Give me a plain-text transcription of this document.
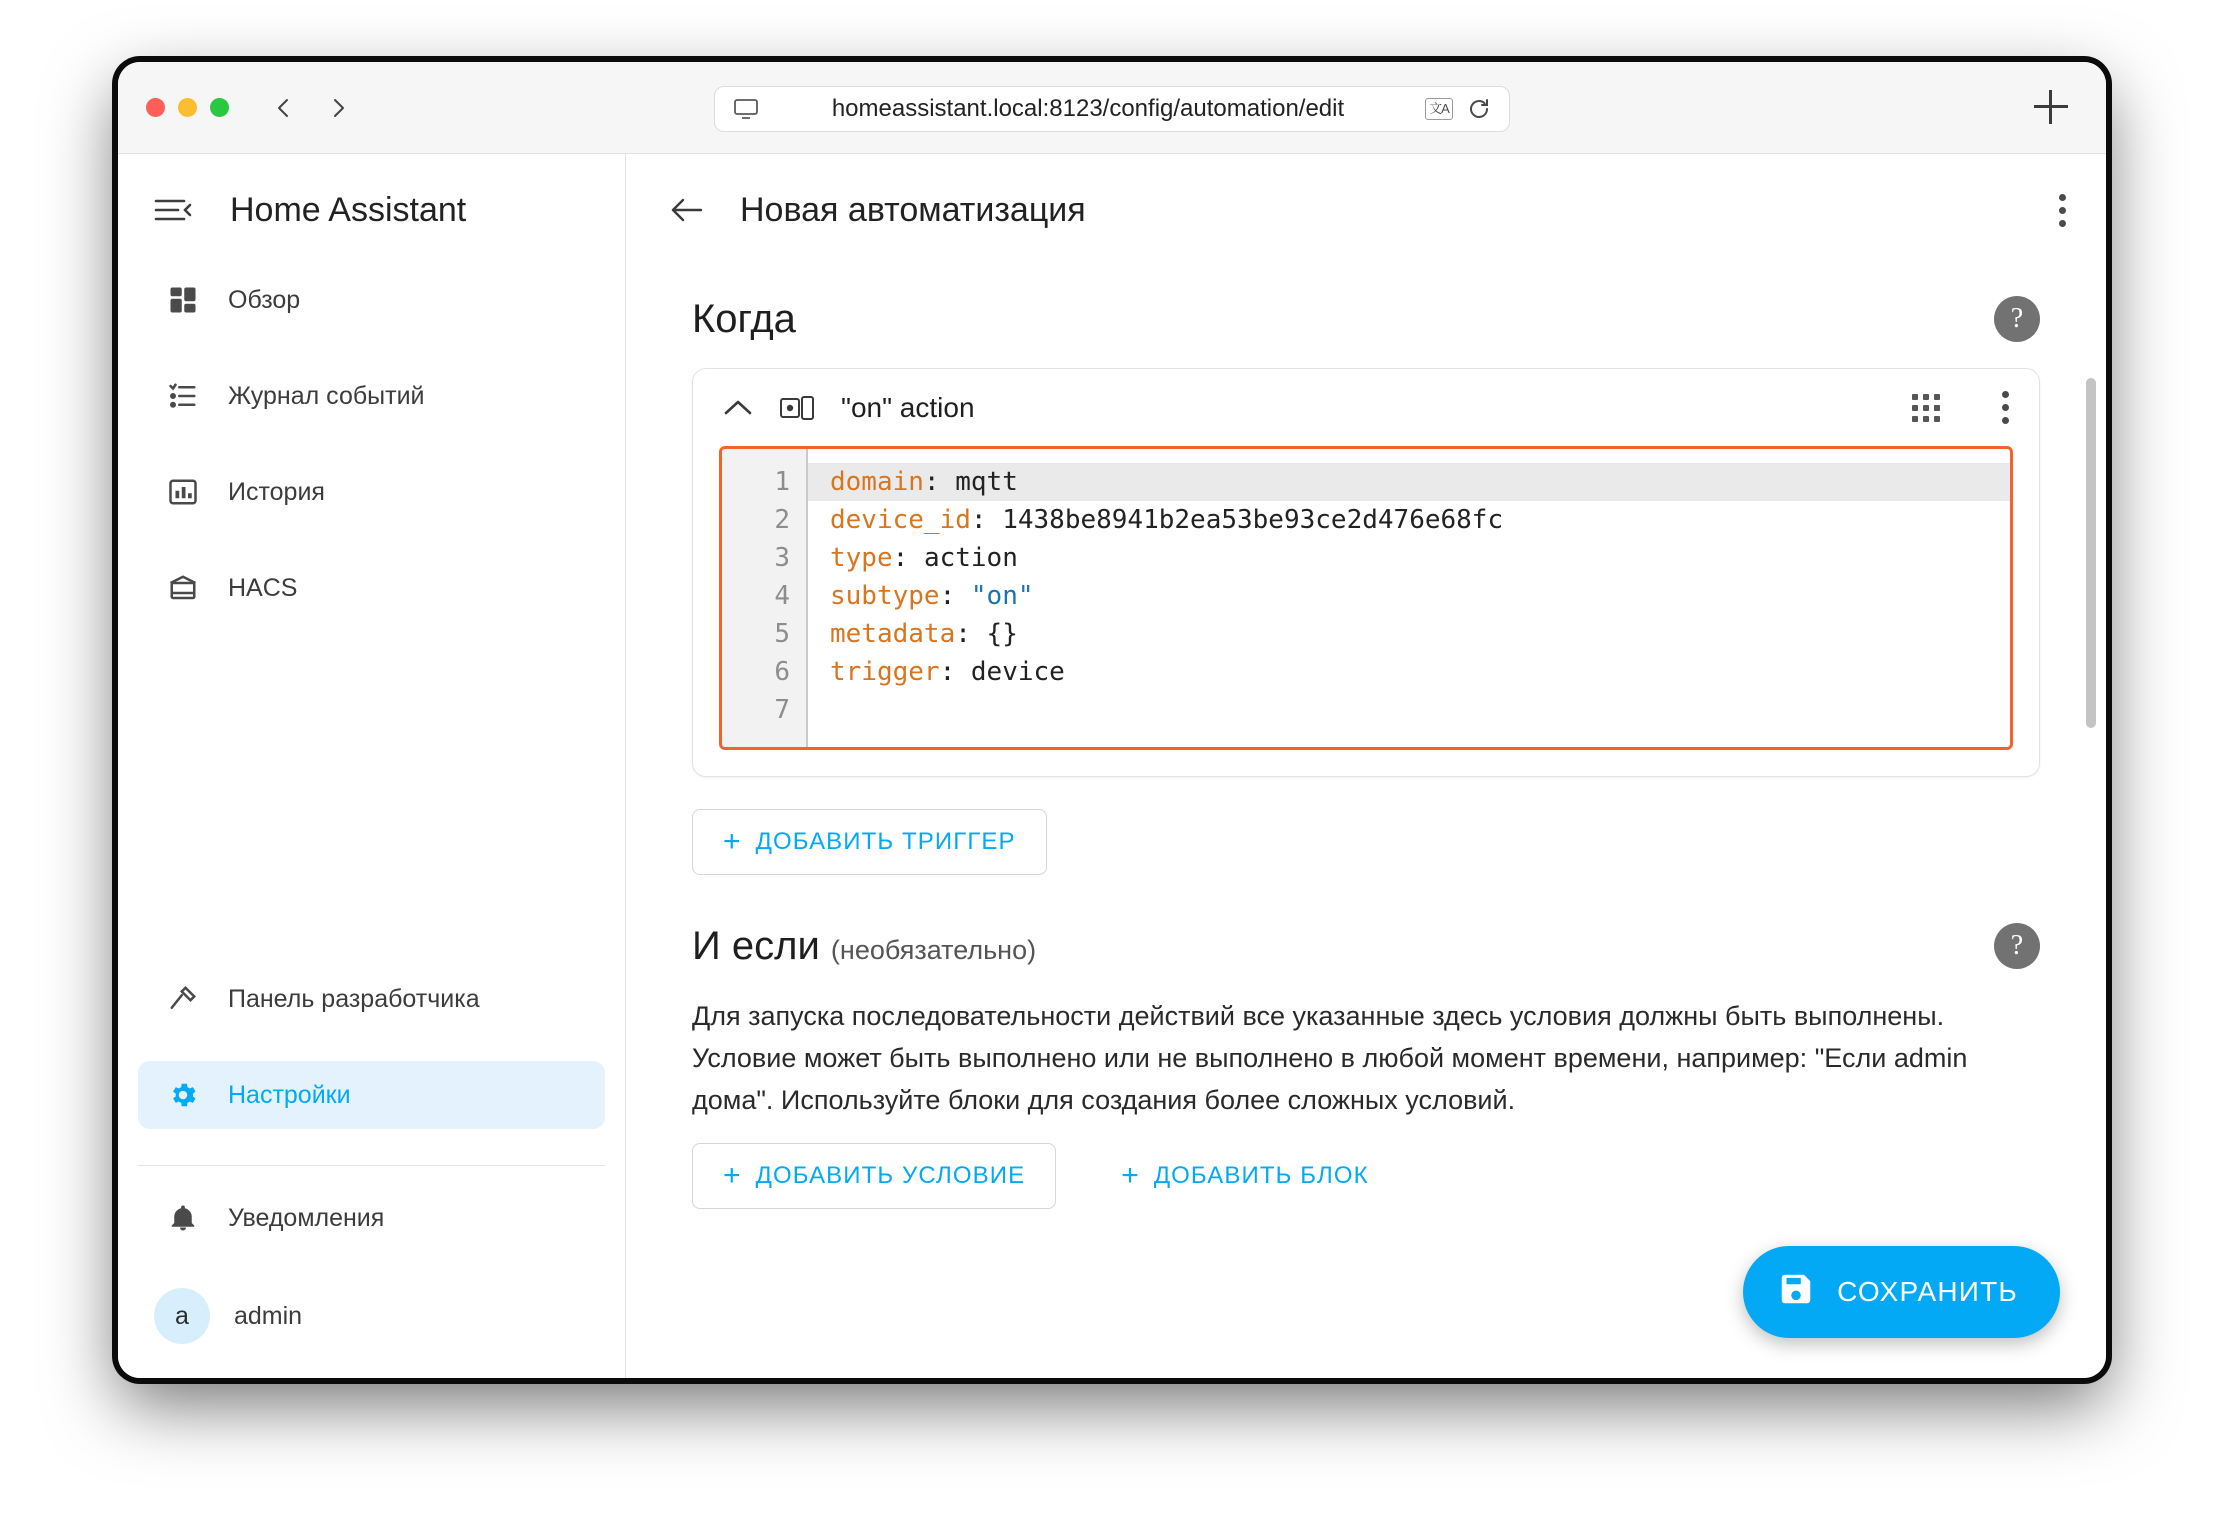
homeassistant.local:8123/config/automation/edit	文A
Home Assistant
Обзор
Журнал событий
История
HACS
Панель разработчика
Настройки
Уведомления
a	admin
Новая автоматизация
Когда	?
"on" action
1
2
3
4
5
6
7
domain: mqtt
device_id: 1438be8941b2ea53be93ce2d476e68fc
type: action
subtype: "on"
metadata: {}
trigger: device

+ ДОБАВИТЬ ТРИГГЕР
И если (необязательно)	?
Для запуска последовательности действий все указанные здесь условия должны быть выполнены. Условие может быть выполнено или не выполнено в любой момент времени, например: "Если admin дома". Используйте блоки для создания более сложных условий.
+ ДОБАВИТЬ УСЛОВИЕ	+ ДОБАВИТЬ БЛОК
СОХРАНИТЬ
